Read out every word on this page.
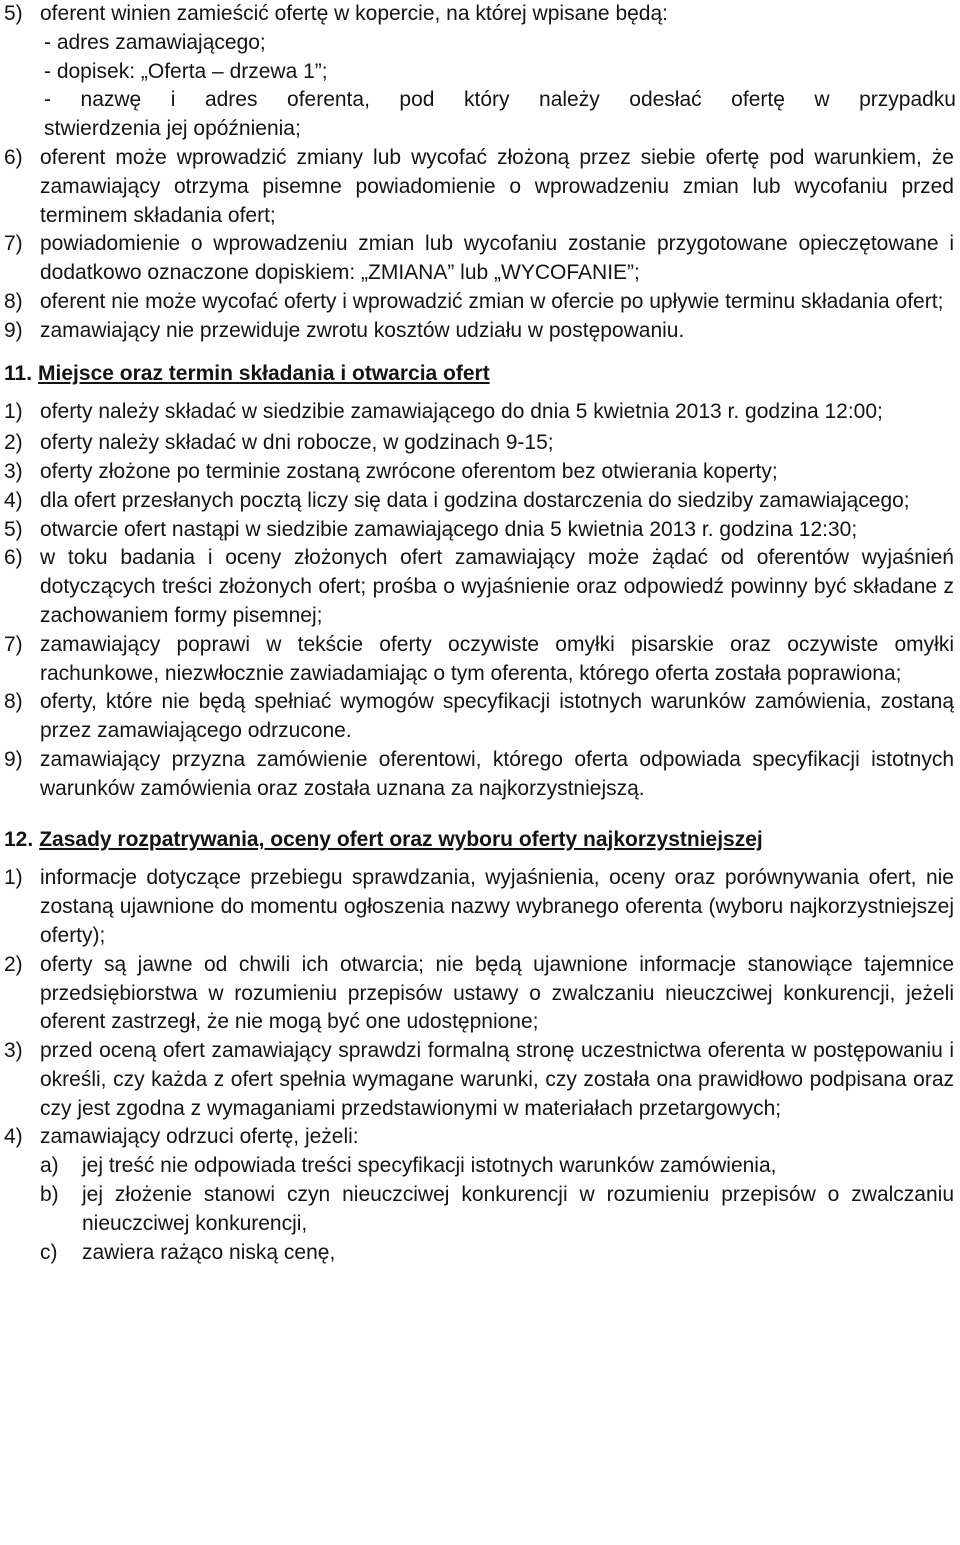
5) oferent winien zamieścić ofertę w kopercie, na której wpisane będą:
- adres zamawiającego;
- dopisek: „Oferta – drzewa 1”;
- nazwę i adres oferenta, pod który należy odesłać ofertę w przypadku
stwierdzenia jej opóźnienia;
6) oferent może wprowadzić zmiany lub wycofać złożoną przez siebie ofertę pod warunkiem, że zamawiający otrzyma pisemne powiadomienie o wprowadzeniu zmian lub wycofaniu przed terminem składania ofert;
7) powiadomienie o wprowadzeniu zmian lub wycofaniu zostanie przygotowane opieczętowane i dodatkowo oznaczone dopiskiem: „ZMIANA” lub „WYCOFANIE”;
8) oferent nie może wycofać oferty i wprowadzić zmian w ofercie po upływie terminu składania ofert;
9) zamawiający nie przewiduje zwrotu kosztów udziału w postępowaniu.
11. Miejsce oraz termin składania i otwarcia ofert
1) oferty należy składać w siedzibie zamawiającego do dnia 5 kwietnia 2013 r. godzina 12:00;
2) oferty należy składać w dni robocze, w godzinach 9-15;
3) oferty złożone po terminie zostaną zwrócone oferentom bez otwierania koperty;
4) dla ofert przesłanych pocztą liczy się data i godzina dostarczenia do siedziby zamawiającego;
5) otwarcie ofert nastąpi w siedzibie zamawiającego dnia 5 kwietnia 2013 r. godzina 12:30;
6) w toku badania i oceny złożonych ofert zamawiający może żądać od oferentów wyjaśnień dotyczących treści złożonych ofert; prośba o wyjaśnienie oraz odpowiedź powinny być składane z zachowaniem formy pisemnej;
7) zamawiający poprawi w tekście oferty oczywiste omyłki pisarskie oraz oczywiste omyłki rachunkowe, niezwłocznie zawiadamiając o tym oferenta, którego oferta została poprawiona;
8) oferty, które nie będą spełniać wymogów specyfikacji istotnych warunków zamówienia, zostaną przez zamawiającego odrzucone.
9) zamawiający przyzna zamówienie oferentowi, którego oferta odpowiada specyfikacji istotnych warunków zamówienia oraz została uznana za najkorzystniejszą.
12. Zasady rozpatrywania, oceny ofert oraz wyboru oferty najkorzystniejszej
1) informacje dotyczące przebiegu sprawdzania, wyjaśnienia, oceny oraz porównywania ofert, nie zostaną ujawnione do momentu ogłoszenia nazwy wybranego oferenta (wyboru najkorzystniejszej oferty);
2) oferty są jawne od chwili ich otwarcia; nie będą ujawnione informacje stanowiące tajemnice przedsiębiorstwa w rozumieniu przepisów ustawy o zwalczaniu nieuczciwej konkurencji, jeżeli oferent zastrzegł, że nie mogą być one udostępnione;
3) przed oceną ofert zamawiający sprawdzi formalną stronę uczestnictwa oferenta w postępowaniu i określi, czy każda z ofert spełnia wymagane warunki, czy została ona prawidłowo podpisana oraz czy jest zgodna z wymaganiami przedstawionymi w materiałach przetargowych;
4) zamawiający odrzuci ofertę, jeżeli:
a)	jej treść nie odpowiada treści specyfikacji istotnych warunków zamówienia,
b)	jej złożenie stanowi czyn nieuczciwej konkurencji w rozumieniu przepisów o zwalczaniu nieuczciwej konkurencji,
c)	zawiera rażąco niską cenę,
